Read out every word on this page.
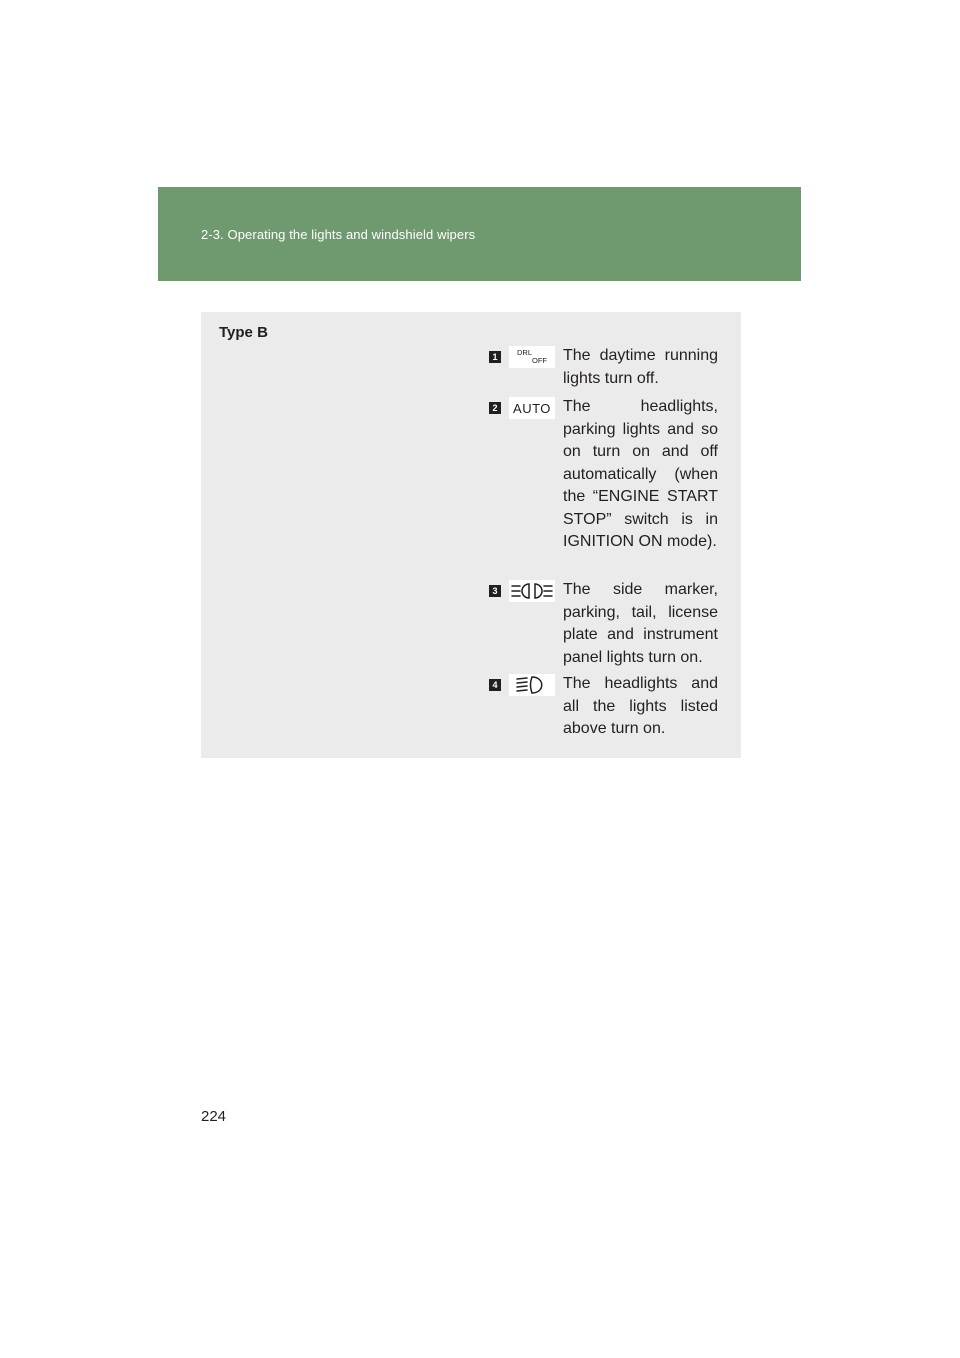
2-3. Operating the lights and windshield wipers
Type B
1	DRL
OFF The daytime running lights turn off.
2 AUTO The headlights, parking lights and so on turn on and off automatically (when the “ENGINE START STOP” switch is in IGNITION ON mode).
3	The side marker, parking, tail, license plate and instrument panel lights turn on.
4	The headlights and all the lights listed above turn on.
224
